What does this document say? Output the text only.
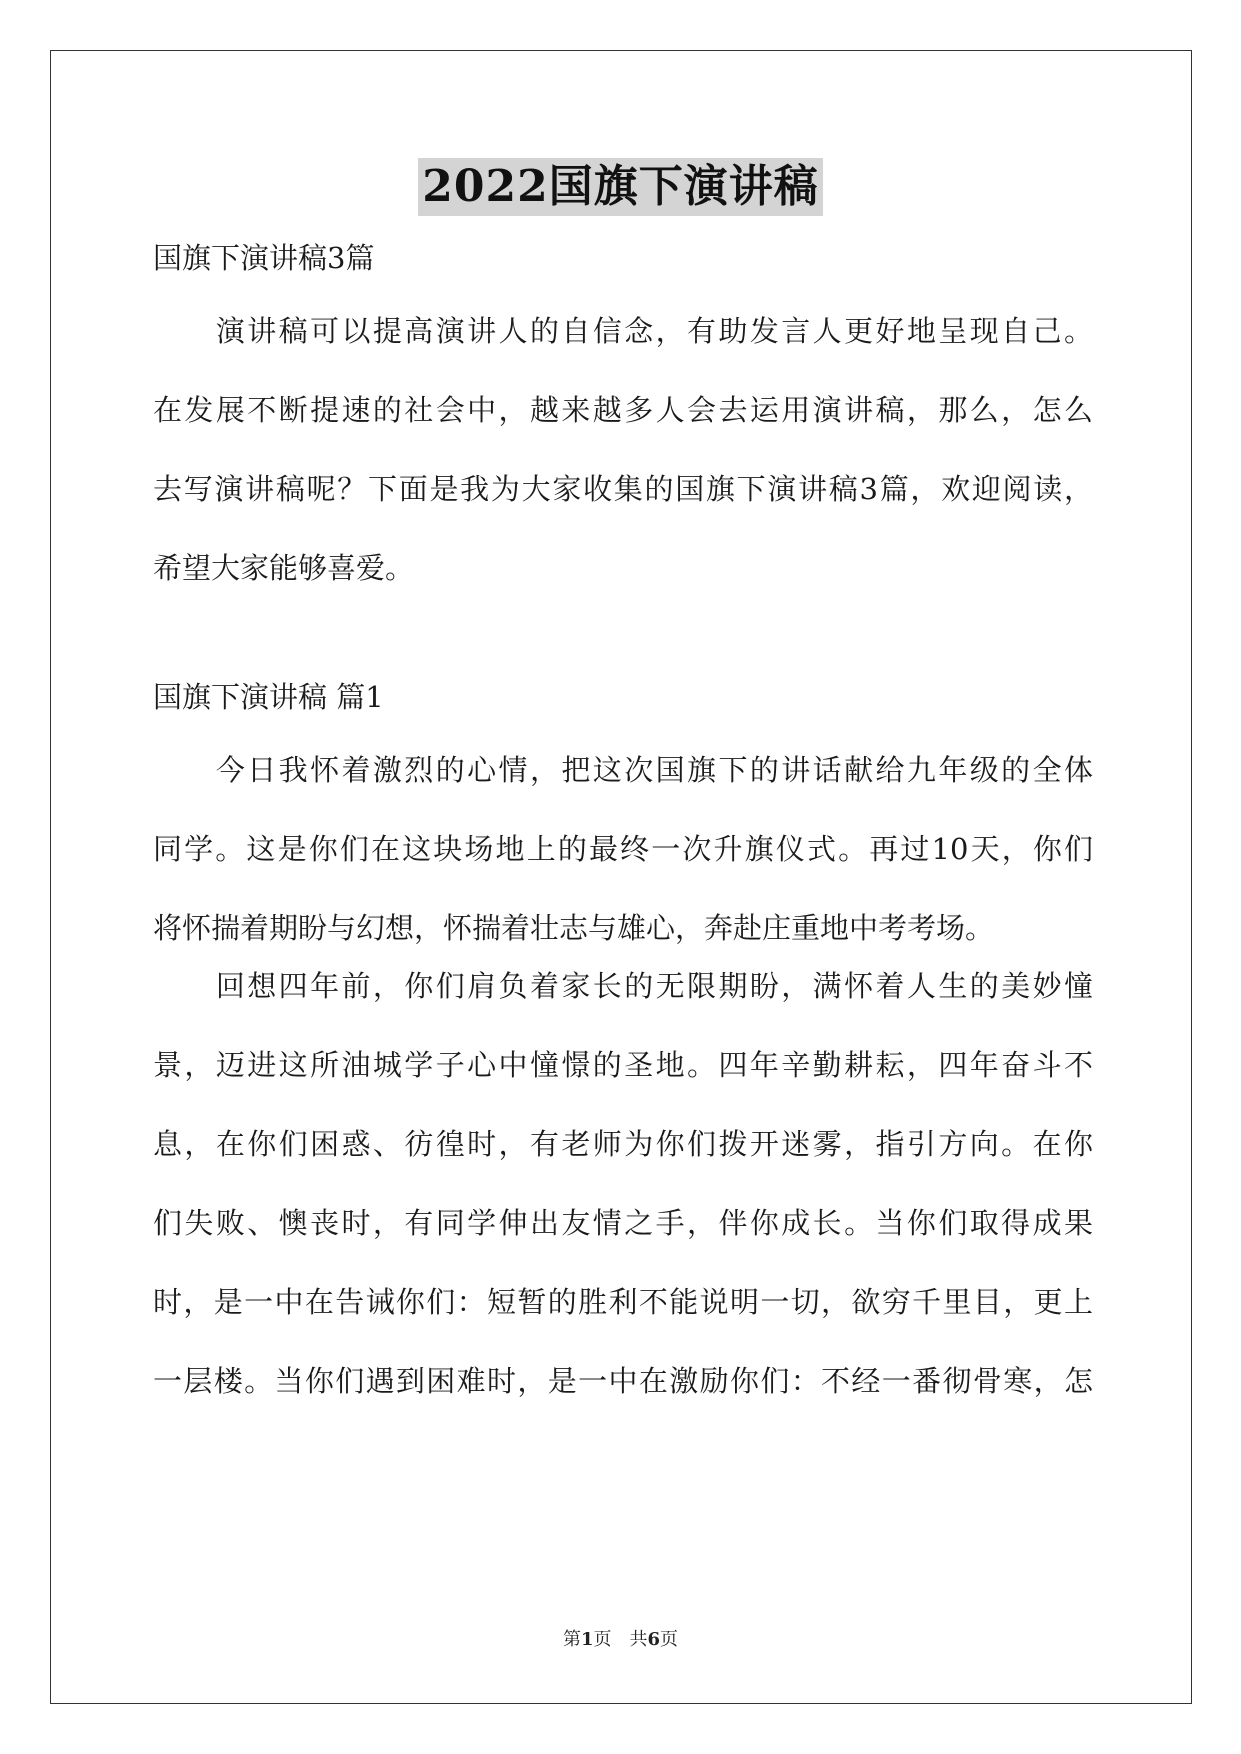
2022国旗下演讲稿
国旗下演讲稿3篇
　　演讲稿可以提高演讲人的自信念，有助发言人更好地呈现自己。
在发展不断提速的社会中，越来越多人会去运用演讲稿，那么，怎么
去写演讲稿呢？下面是我为大家收集的国旗下演讲稿3篇，欢迎阅读，
希望大家能够喜爱。
国旗下演讲稿 篇1
　　今日我怀着激烈的心情，把这次国旗下的讲话献给九年级的全体
同学。这是你们在这块场地上的最终一次升旗仪式。再过10天，你们
将怀揣着期盼与幻想，怀揣着壮志与雄心，奔赴庄重地中考考场。
　　回想四年前，你们肩负着家长的无限期盼，满怀着人生的美妙憧
景，迈进这所油城学子心中憧憬的圣地。四年辛勤耕耘，四年奋斗不
息，在你们困惑、彷徨时，有老师为你们拨开迷雾，指引方向。在你
们失败、懊丧时，有同学伸出友情之手，伴你成长。当你们取得成果
时，是一中在告诫你们：短暂的胜利不能说明一切，欲穷千里目，更上
一层楼。当你们遇到困难时，是一中在激励你们：不经一番彻骨寒，怎
第1页　共6页
